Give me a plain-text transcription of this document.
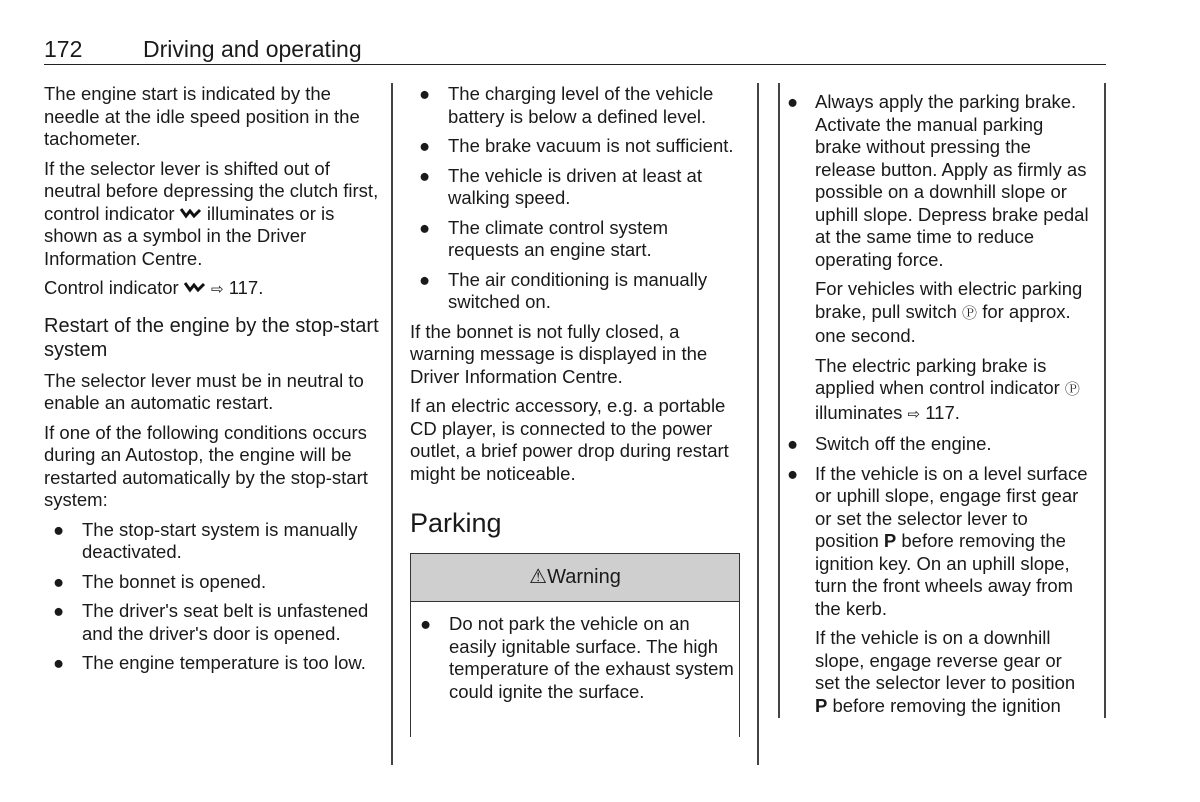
172	Driving and operating

The engine start is indicated by the needle at the idle speed position in the tachometer.

If the selector lever is shifted out of neutral before depressing the clutch first, control indicator illuminates or is shown as a symbol in the Driver Information Centre.

Control indicator ⇨ 117.

Restart of the engine by the stop-start system

The selector lever must be in neutral to enable an automatic restart.

If one of the following conditions occurs during an Autostop, the engine will be restarted automatically by the stop-start system:

● The stop-start system is manually deactivated.
● The bonnet is opened.
● The driver's seat belt is unfastened and the driver's door is opened.
● The engine temperature is too low.
● The charging level of the vehicle battery is below a defined level.
● The brake vacuum is not sufficient.
● The vehicle is driven at least at walking speed.
● The climate control system requests an engine start.
● The air conditioning is manually switched on.

If the bonnet is not fully closed, a warning message is displayed in the Driver Information Centre.

If an electric accessory, e.g. a portable CD player, is connected to the power outlet, a brief power drop during restart might be noticeable.

Parking
⚠ Warning
● Do not park the vehicle on an easily ignitable surface. The high temperature of the exhaust system could ignite the surface.
● Always apply the parking brake. Activate the manual parking brake without pressing the release button. Apply as firmly as possible on a downhill slope or uphill slope. Depress brake pedal at the same time to reduce operating force.

For vehicles with electric parking brake, pull switch Ⓟ for approx. one second.

The electric parking brake is applied when control indicator Ⓟ illuminates ⇨ 117.

● Switch off the engine.
● If the vehicle is on a level surface or uphill slope, engage first gear or set the selector lever to position P before removing the ignition key. On an uphill slope, turn the front wheels away from the kerb.

If the vehicle is on a downhill slope, engage reverse gear or set the selector lever to position P before removing the ignition
